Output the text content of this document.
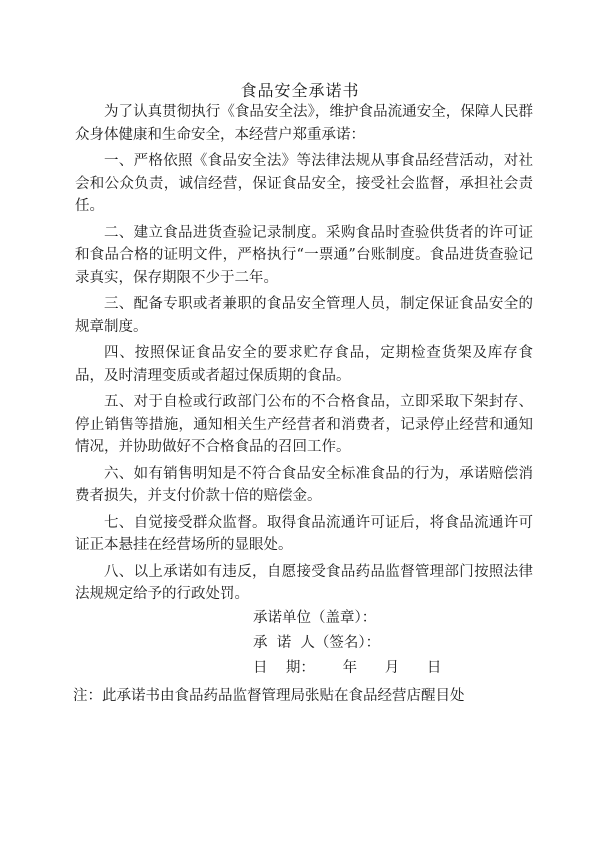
食品安全承诺书

为了认真贯彻执行《食品安全法》，维护食品流通安全，保障人民群众身体健康和生命安全，本经营户郑重承诺：

一、严格依照《食品安全法》等法律法规从事食品经营活动，对社会和公众负责，诚信经营，保证食品安全，接受社会监督，承担社会责任。

二、建立食品进货查验记录制度。采购食品时查验供货者的许可证和食品合格的证明文件，严格执行“一票通”台账制度。食品进货查验记录真实，保存期限不少于二年。

三、配备专职或者兼职的食品安全管理人员，制定保证食品安全的规章制度。

四、按照保证食品安全的要求贮存食品，定期检查货架及库存食品，及时清理变质或者超过保质期的食品。

五、对于自检或行政部门公布的不合格食品，立即采取下架封存、停止销售等措施，通知相关生产经营者和消费者，记录停止经营和通知情况，并协助做好不合格食品的召回工作。

六、如有销售明知是不符合食品安全标准食品的行为，承诺赔偿消费者损失，并支付价款十倍的赔偿金。

七、自觉接受群众监督。取得食品流通许可证后，将食品流通许可证正本悬挂在经营场所的显眼处。

八、以上承诺如有违反，自愿接受食品药品监督管理部门按照法律法规规定给予的行政处罚。

承诺单位（盖章）：
承  诺  人（签名）：
日    期：      年      月      日
注：此承诺书由食品药品监督管理局张贴在食品经营店醒目处
